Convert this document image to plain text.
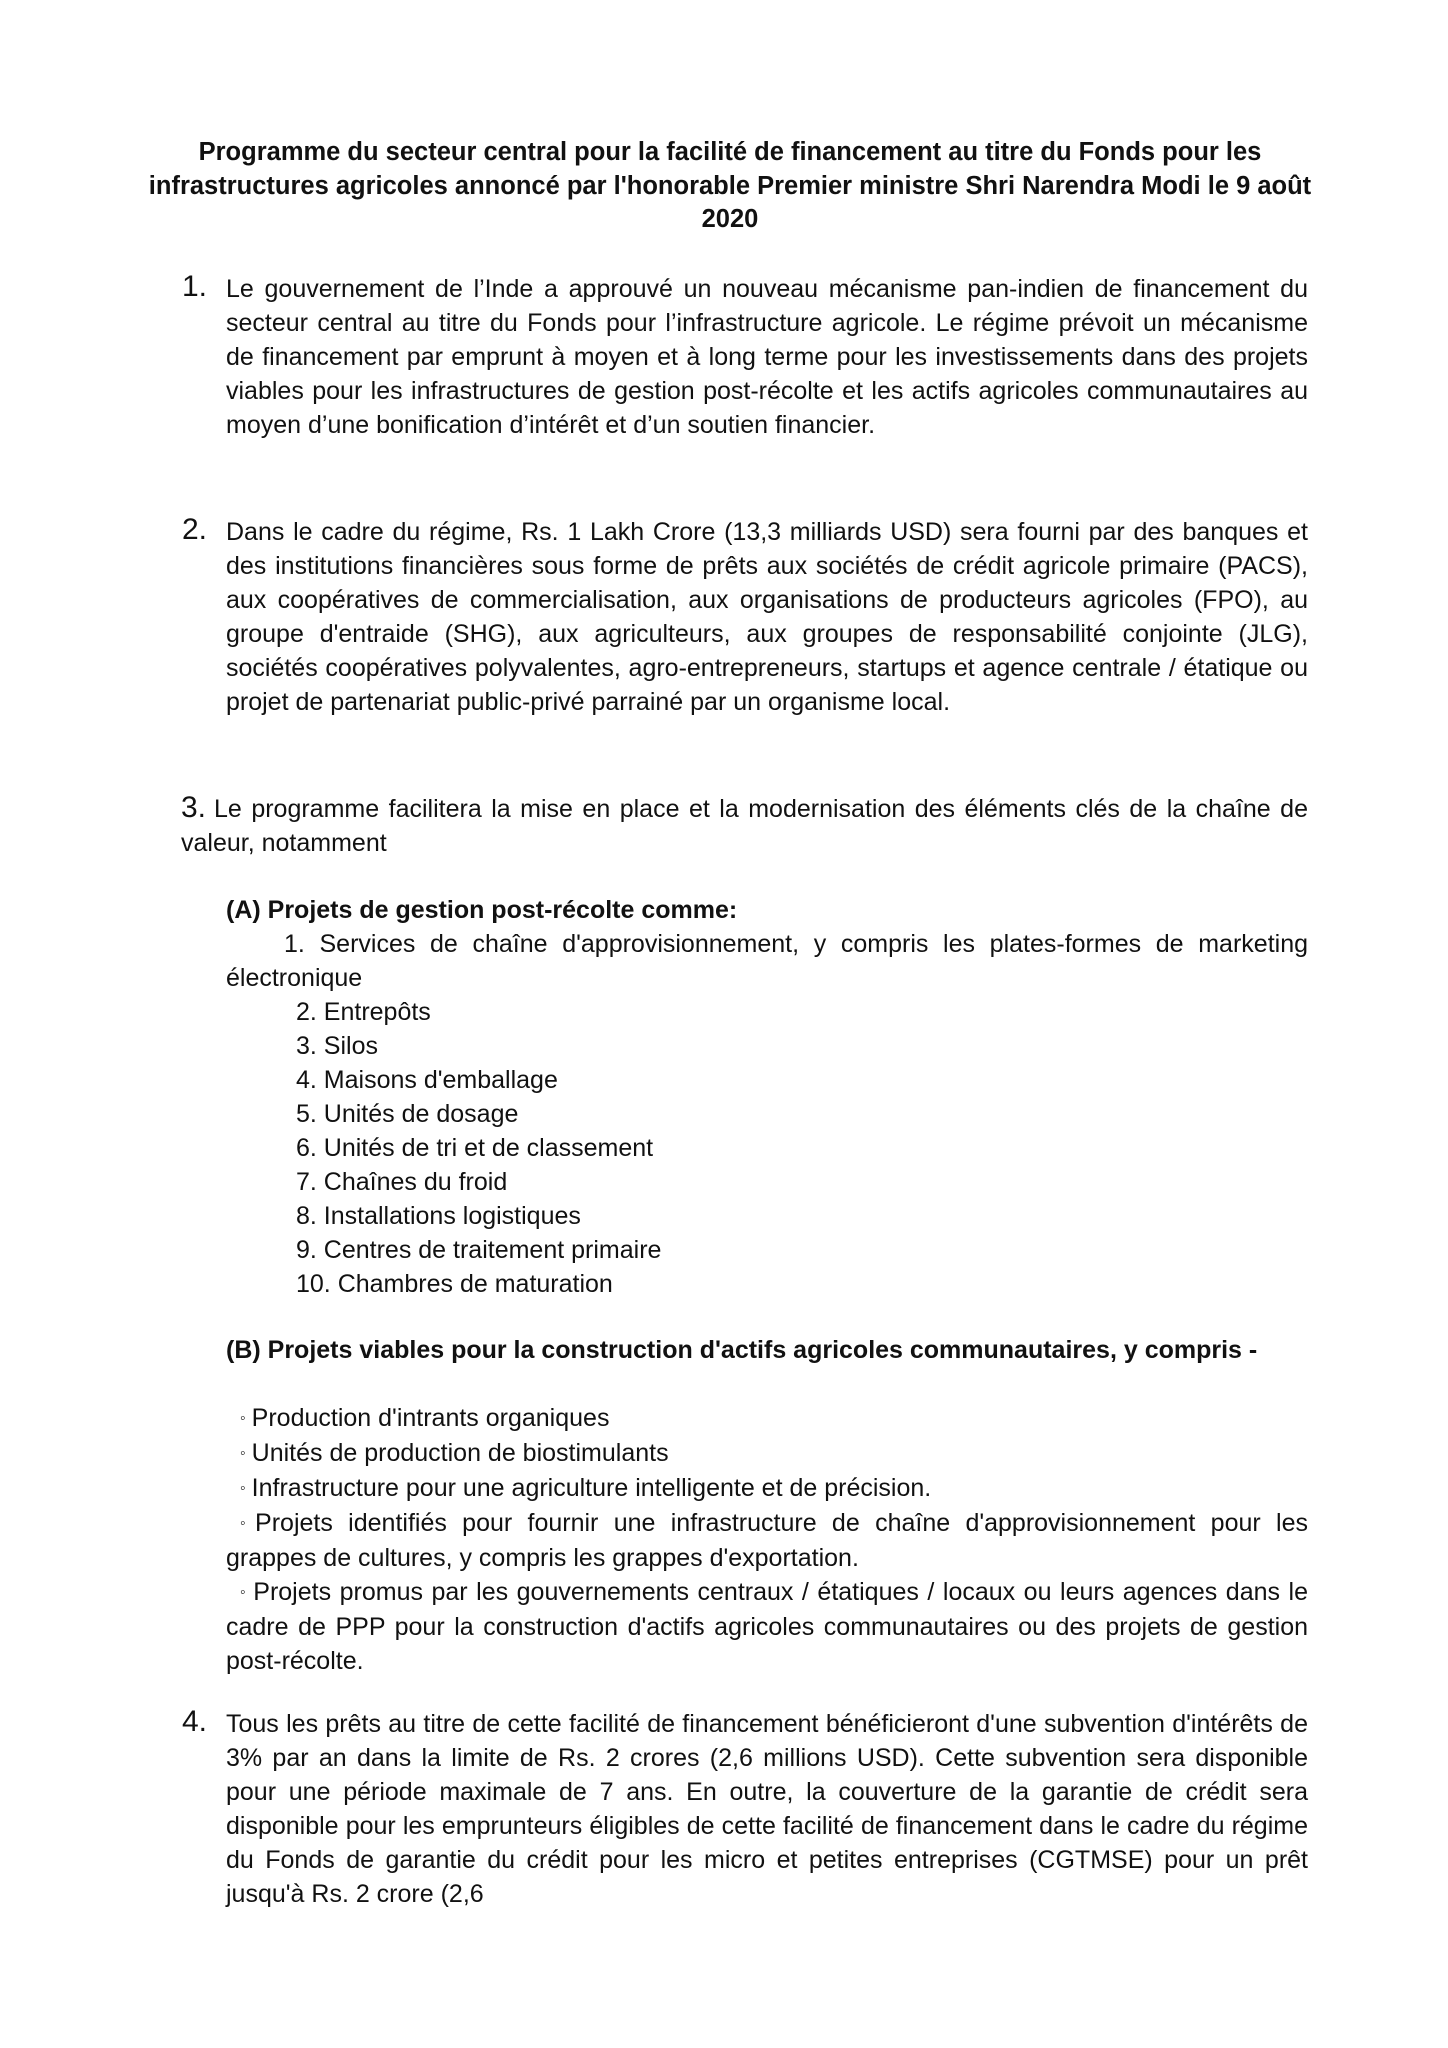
Programme du secteur central pour la facilité de financement au titre du Fonds pour les infrastructures agricoles annoncé par l'honorable Premier ministre Shri Narendra Modi le 9 août 2020

1. Le gouvernement de l’Inde a approuvé un nouveau mécanisme pan-indien de financement du secteur central au titre du Fonds pour l’infrastructure agricole. Le régime prévoit un mécanisme de financement par emprunt à moyen et à long terme pour les investissements dans des projets viables pour les infrastructures de gestion post-récolte et les actifs agricoles communautaires au moyen d’une bonification d’intérêt et d’un soutien financier.

2. Dans le cadre du régime, Rs. 1 Lakh Crore (13,3 milliards USD) sera fourni par des banques et des institutions financières sous forme de prêts aux sociétés de crédit agricole primaire (PACS), aux coopératives de commercialisation, aux organisations de producteurs agricoles (FPO), au groupe d'entraide (SHG), aux agriculteurs, aux groupes de responsabilité conjointe (JLG), sociétés coopératives polyvalentes, agro-entrepreneurs, startups et agence centrale / étatique ou projet de partenariat public-privé parrainé par un organisme local.

3. Le programme facilitera la mise en place et la modernisation des éléments clés de la chaîne de valeur, notamment

(A) Projets de gestion post-récolte comme:

1. Services de chaîne d'approvisionnement, y compris les plates-formes de marketing électronique
2. Entrepôts
3. Silos
4. Maisons d'emballage
5. Unités de dosage
6. Unités de tri et de classement
7. Chaînes du froid
8. Installations logistiques
9. Centres de traitement primaire
10. Chambres de maturation

(B) Projets viables pour la construction d'actifs agricoles communautaires, y compris -

◦ Production d'intrants organiques
◦ Unités de production de biostimulants
◦ Infrastructure pour une agriculture intelligente et de précision.
◦Projets identifiés pour fournir une infrastructure de chaîne d'approvisionnement pour les grappes de cultures, y compris les grappes d'exportation.
◦ Projets promus par les gouvernements centraux / étatiques / locaux ou leurs agences dans le cadre de PPP pour la construction d'actifs agricoles communautaires ou des projets de gestion post-récolte.

4. Tous les prêts au titre de cette facilité de financement bénéficieront d'une subvention d'intérêts de 3% par an dans la limite de Rs. 2 crores (2,6 millions USD). Cette subvention sera disponible pour une période maximale de 7 ans. En outre, la couverture de la garantie de crédit sera disponible pour les emprunteurs éligibles de cette facilité de financement dans le cadre du régime du Fonds de garantie du crédit pour les micro et petites entreprises (CGTMSE) pour un prêt jusqu'à Rs. 2 crore (2,6
